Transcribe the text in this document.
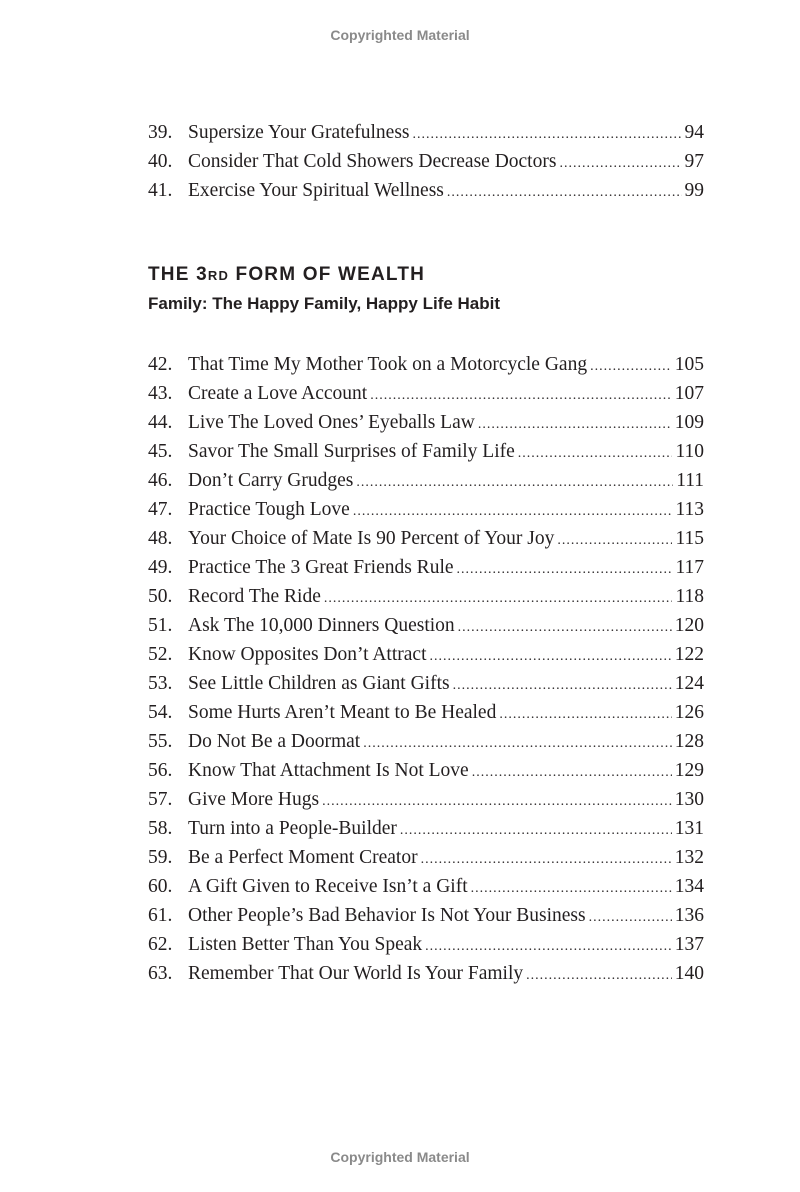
Copyrighted Material
39. Supersize Your Gratefulness .....	94
40. Consider That Cold Showers Decrease Doctors .....	97
41. Exercise Your Spiritual Wellness .....	99
THE 3RD FORM OF WEALTH
Family: The Happy Family, Happy Life Habit
42. That Time My Mother Took on a Motorcycle Gang .....	105
43. Create a Love Account .....	107
44. Live The Loved Ones’ Eyeballs Law .....	109
45. Savor The Small Surprises of Family Life .....	110
46. Don’t Carry Grudges .....	111
47. Practice Tough Love .....	113
48. Your Choice of Mate Is 90 Percent of Your Joy .....	115
49. Practice The 3 Great Friends Rule .....	117
50. Record The Ride .....	118
51. Ask The 10,000 Dinners Question .....	120
52. Know Opposites Don’t Attract .....	122
53. See Little Children as Giant Gifts .....	124
54. Some Hurts Aren’t Meant to Be Healed .....	126
55. Do Not Be a Doormat .....	128
56. Know That Attachment Is Not Love .....	129
57. Give More Hugs .....	130
58. Turn into a People-Builder .....	131
59. Be a Perfect Moment Creator .....	132
60. A Gift Given to Receive Isn’t a Gift .....	134
61. Other People’s Bad Behavior Is Not Your Business .....	136
62. Listen Better Than You Speak .....	137
63. Remember That Our World Is Your Family .....	140
Copyrighted Material
